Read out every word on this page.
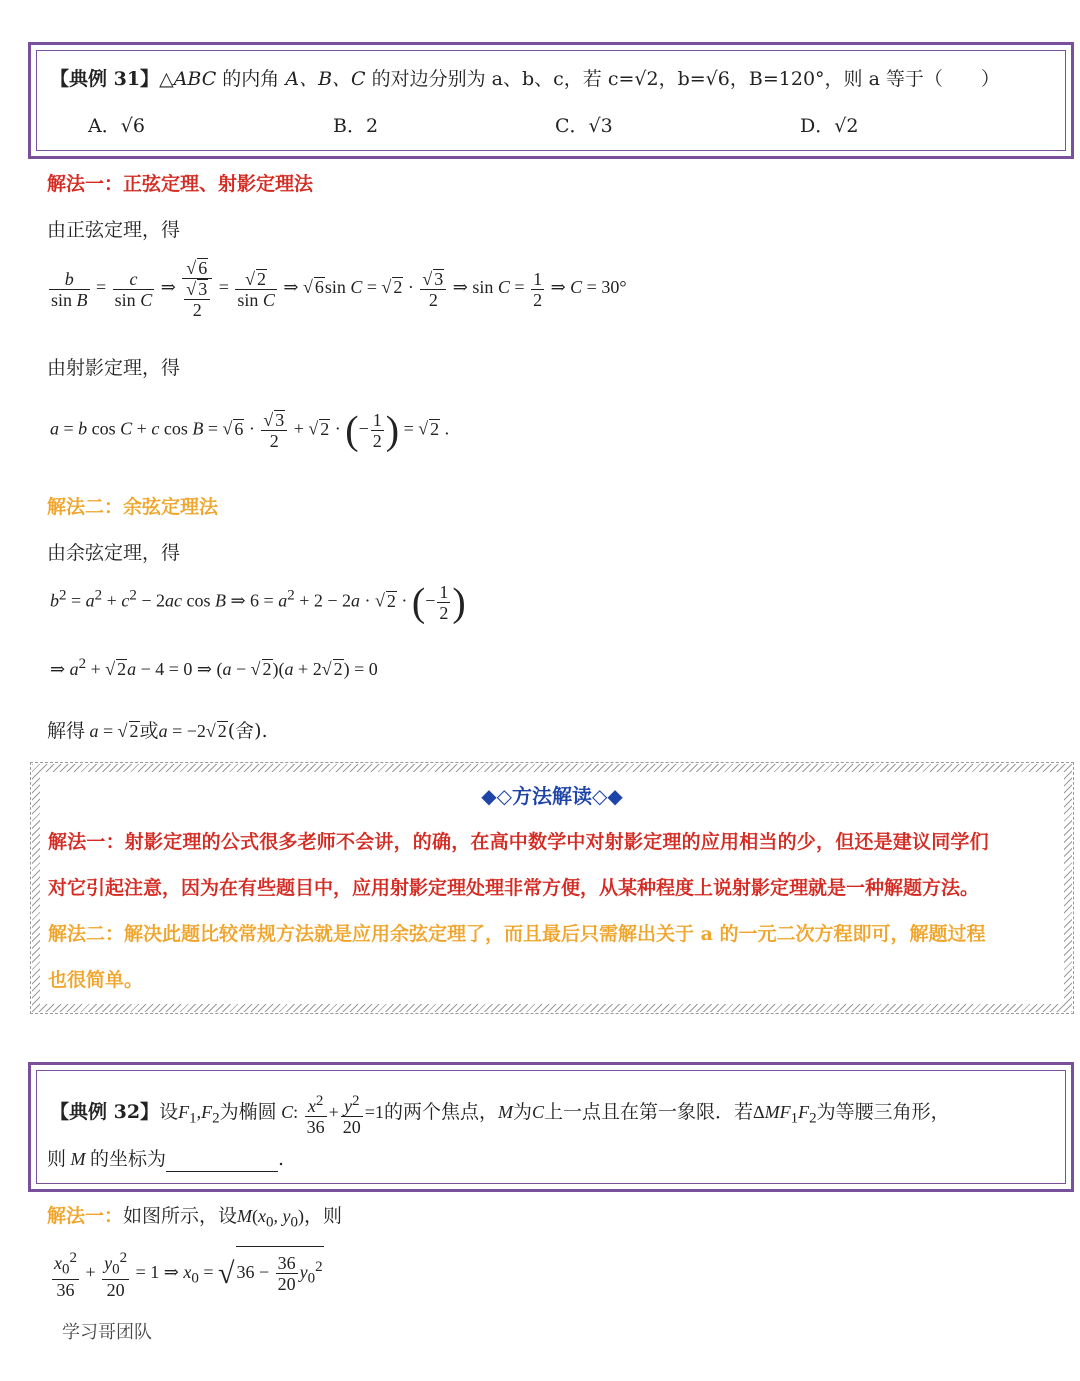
【典例 31】△ABC 的内角 A、B、C 的对边分别为 a、b、c，若 c=√2，b=√6，B=120°，则 a 等于（　　）
A．√6	B．2	C．√3	D．√2
解法一：正弦定理、射影定理法
由正弦定理，得
$\frac{b}{\text{sin B}} = \frac{c}{\text{sin C}}$ ⇒ $\frac{√ 6}{\frac{√ 3}{2}} = \frac{√ 2}{\text{sin C}}$ ⇒ √ 6sin C = √ $2 \cdot \frac{√ 3}{2}$ ⇒ $\sin C = \frac{1}{2}$ ⇒ C = 30°
由射影定理，得
a = b cos C + c cos B = √ $6 \cdot \frac{√ 3}{2}$ + √ 2 · (− $\frac{1}{2}$ ) = √ 2 .
解法二：余弦定理法
由余弦定理，得
$b^2 = a^2 + c^2 - 2ac$ cos B ⇒ $6 = a^2 + 2 - 2a$ · √ 2 · (− $\frac{1}{2}$ )
⇒ $a^2$ + √ 2a − 4 = 0 ⇒ (a − √ 2)(a + 2√ 2) = 0
解得 a = √ 2或a = −2√ 2(舍).
◆◇方法解读◇◆
解法一：射影定理的公式很多老师不会讲，的确，在高中数学中对射影定理的应用相当的少，但还是建议同学们
对它引起注意，因为在有些题目中，应用射影定理处理非常方便，从某种程度上说射影定理就是一种解题方法。
解法二：解决此题比较常规方法就是应用余弦定理了，而且最后只需解出关于 a 的一元二次方程即可，解题过程
也很简单。
【典例 32】设$F_1,F_2$为椭圆 C: $\frac{x^2}{36} + \frac{y^2}{20} =1$的两个焦点，M为C上一点且在第一象限．若$\Delta MF_1F_2$为等腰三角形，
则 M 的坐标为	.
解法一：如图所示，设$M(x_0$, $y_0$)，则
$\frac{x_0^2}{36} + \frac{y_0^2}{20} = 1$ ⇒ $x_0$ = √ $36 - \frac{36}{20} y_0^2$
学习哥团队
